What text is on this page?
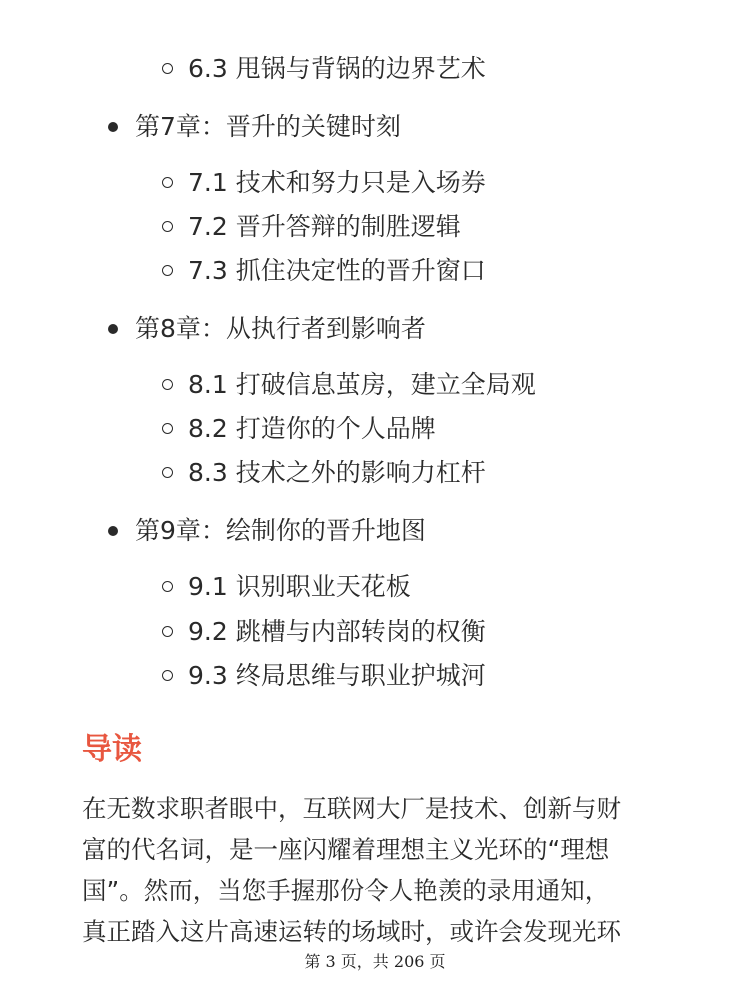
6.3 甩锅与背锅的边界艺术
第7章：晋升的关键时刻
7.1 技术和努力只是入场券
7.2 晋升答辩的制胜逻辑
7.3 抓住决定性的晋升窗口
第8章：从执行者到影响者
8.1 打破信息茧房，建立全局观
8.2 打造你的个人品牌
8.3 技术之外的影响力杠杆
第9章：绘制你的晋升地图
9.1 识别职业天花板
9.2 跳槽与内部转岗的权衡
9.3 终局思维与职业护城河
导读
在无数求职者眼中，互联网大厂是技术、创新与财
富的代名词，是一座闪耀着理想主义光环的“理想
国”。然而，当您手握那份令人艳羡的录用通知，
真正踏入这片高速运转的场域时，或许会发现光环
第 3 页，共 206 页
